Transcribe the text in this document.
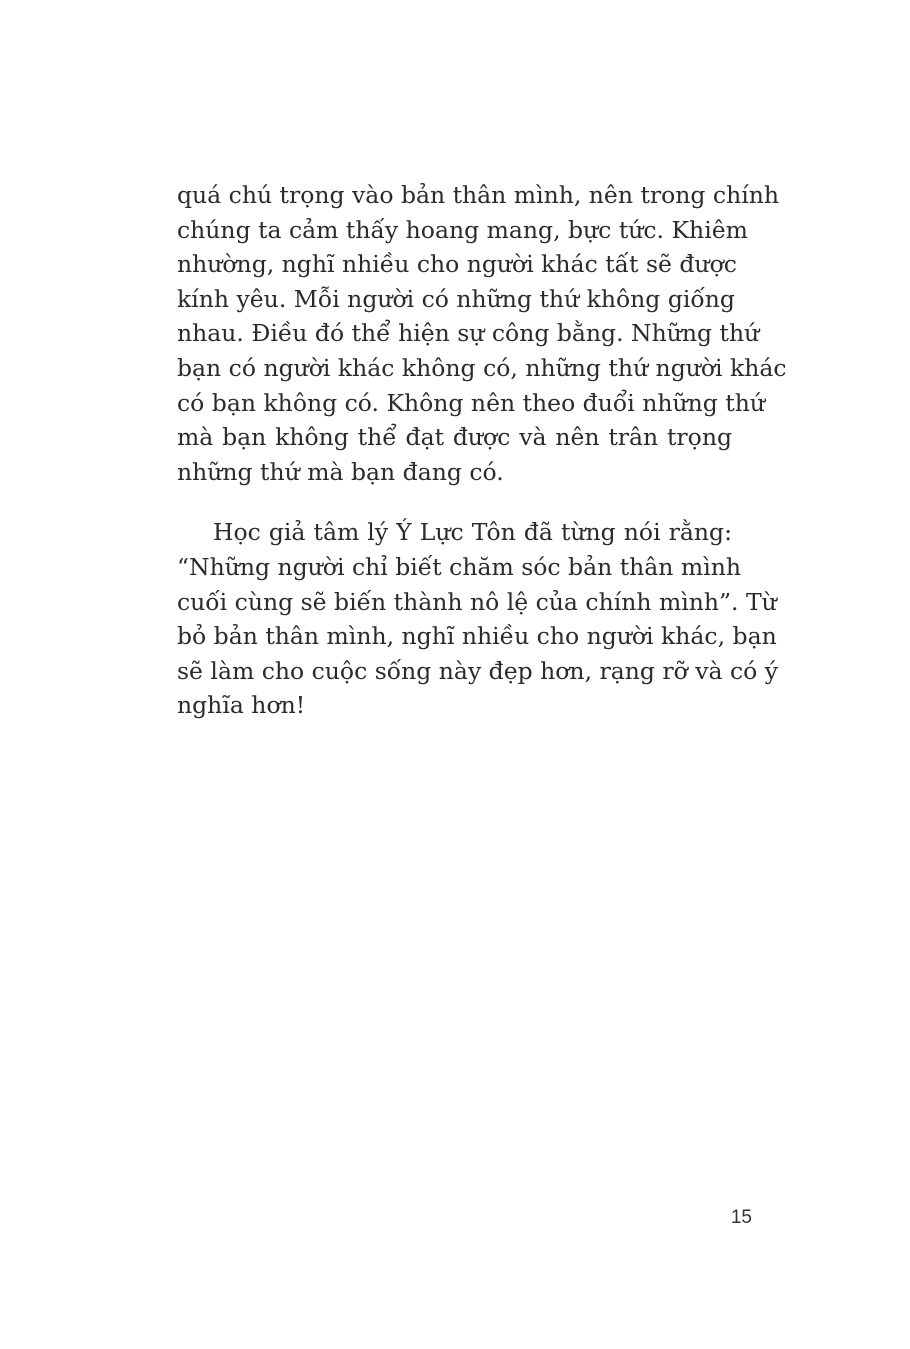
quá chú trọng vào bản thân mình, nên trong chính
chúng ta cảm thấy hoang mang, bực tức. Khiêm
nhường, nghĩ nhiều cho người khác tất sẽ được
kính yêu. Mỗi người có những thứ không giống
nhau. Điều đó thể hiện sự công bằng. Những thứ
bạn có người khác không có, những thứ người khác
có bạn không có. Không nên theo đuổi những thứ
mà bạn không thể đạt được và nên trân trọng
những thứ mà bạn đang có.
Học giả tâm lý Ý Lực Tôn đã từng nói rằng:
“Những người chỉ biết chăm sóc bản thân mình
cuối cùng sẽ biến thành nô lệ của chính mình”. Từ
bỏ bản thân mình, nghĩ nhiều cho người khác, bạn
sẽ làm cho cuộc sống này đẹp hơn, rạng rỡ và có ý
nghĩa hơn!
15
